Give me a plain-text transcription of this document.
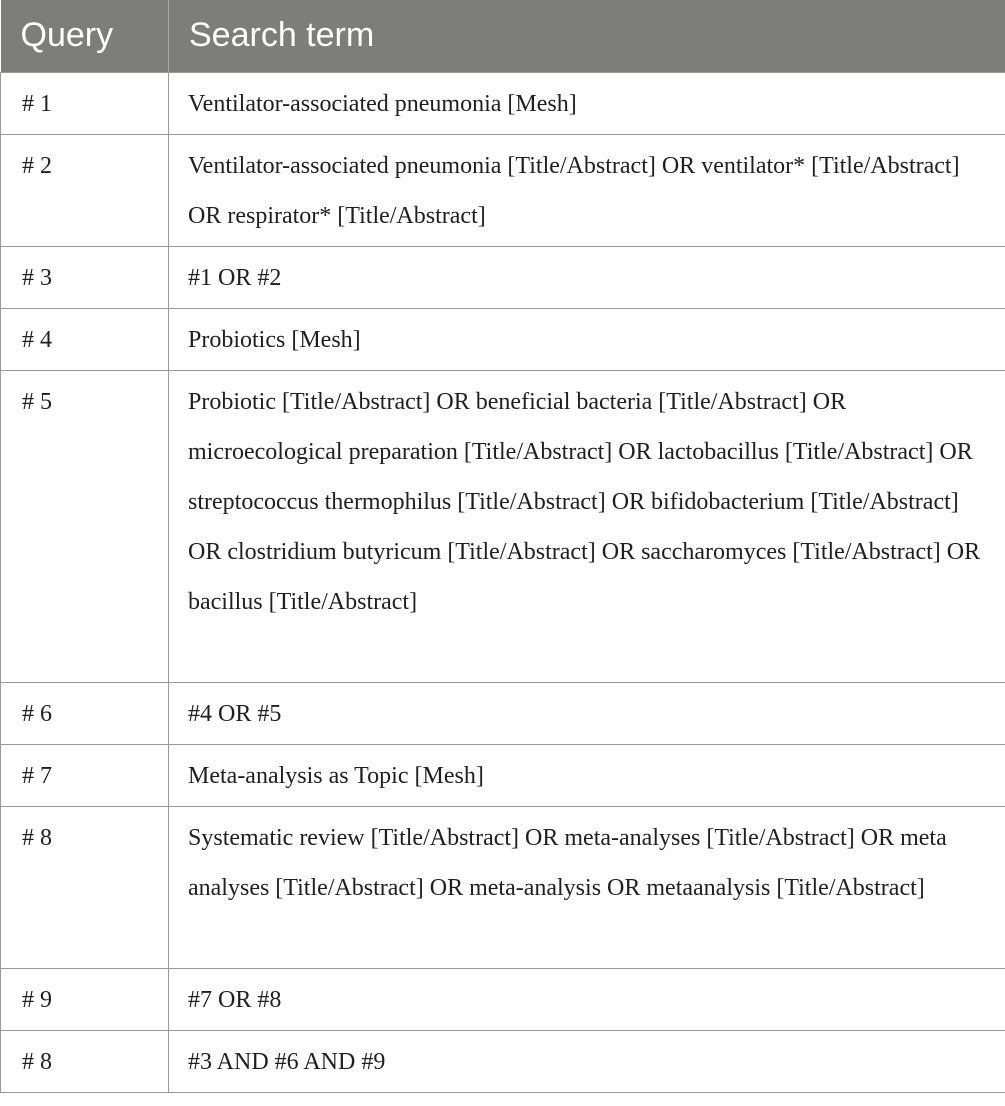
Query	Search term
# 1	Ventilator-associated pneumonia [Mesh]
# 2	Ventilator-associated pneumonia [Title/Abstract] OR ventilator* [Title/Abstract] OR respirator* [Title/Abstract]
# 3	#1 OR #2
# 4	Probiotics [Mesh]
# 5	Probiotic [Title/Abstract] OR beneficial bacteria [Title/Abstract] OR microecological preparation [Title/Abstract] OR lactobacillus [Title/Abstract] OR streptococcus thermophilus [Title/Abstract] OR bifidobacterium [Title/Abstract] OR clostridium butyricum [Title/Abstract] OR saccharomyces [Title/Abstract] OR bacillus [Title/Abstract]
# 6	#4 OR #5
# 7	Meta-analysis as Topic [Mesh]
# 8	Systematic review [Title/Abstract] OR meta-analyses [Title/Abstract] OR meta analyses [Title/Abstract] OR meta-analysis OR metaanalysis [Title/Abstract]
# 9	#7 OR #8
# 8	#3 AND #6 AND #9
